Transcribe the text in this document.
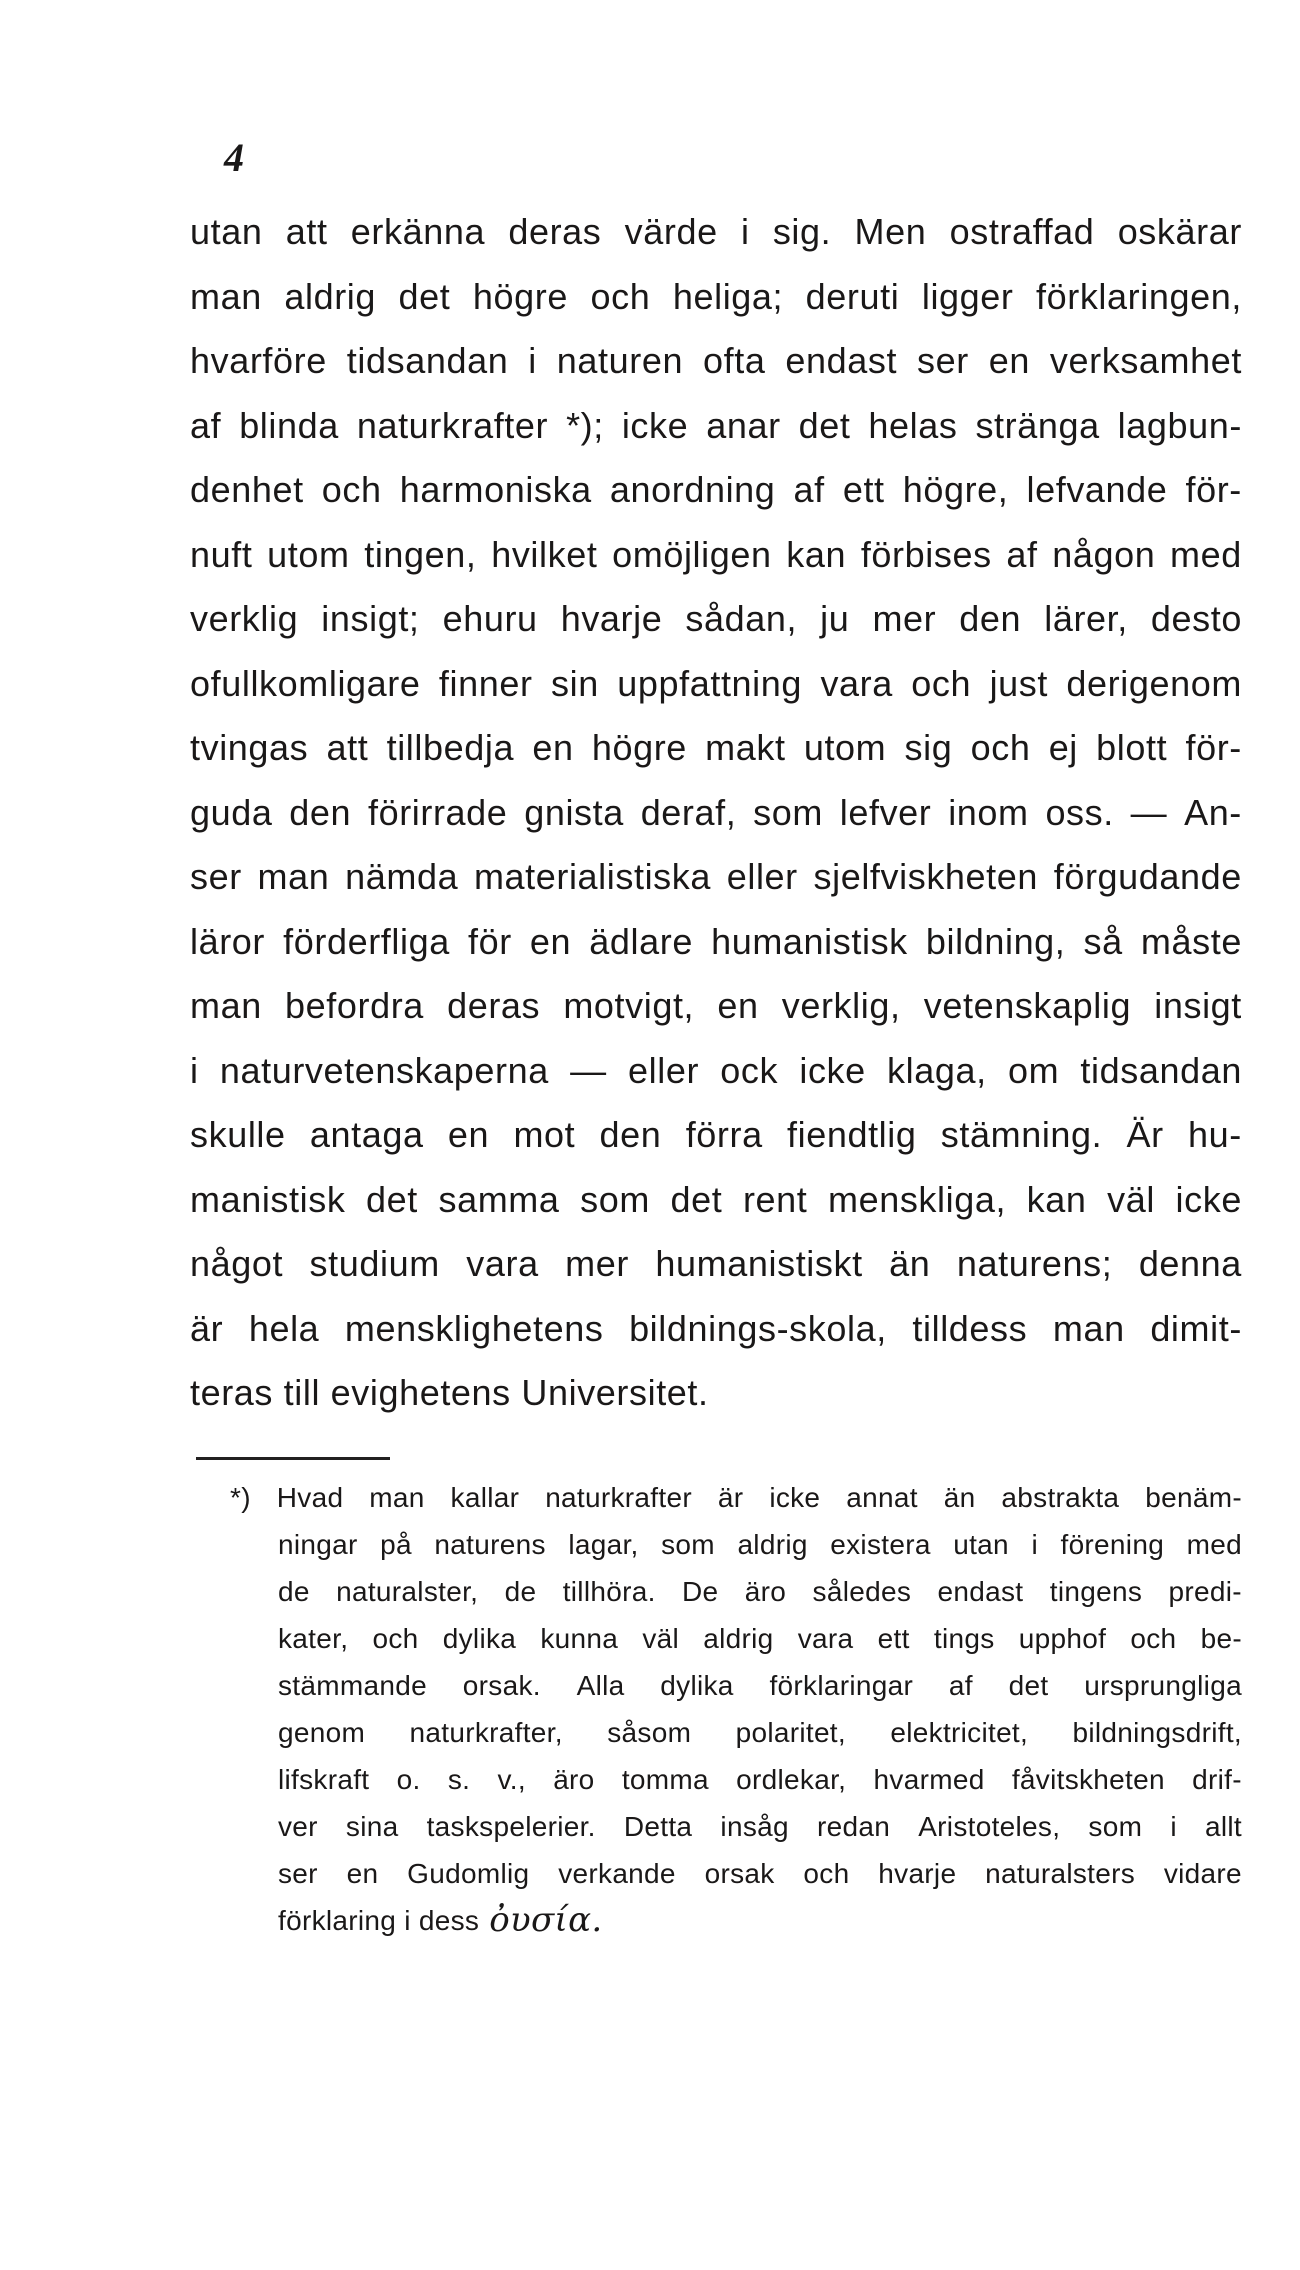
4
utan att erkänna deras värde i sig. Men ostraffad oskärar
man aldrig det högre och heliga; deruti ligger förklaringen,
hvarföre tidsandan i naturen ofta endast ser en verksamhet
af blinda naturkrafter *); icke anar det helas stränga lagbun-
denhet och harmoniska anordning af ett högre, lefvande för-
nuft utom tingen, hvilket omöjligen kan förbises af någon med
verklig insigt; ehuru hvarje sådan, ju mer den lärer, desto
ofullkomligare finner sin uppfattning vara och just derigenom
tvingas att tillbedja en högre makt utom sig och ej blott för-
guda den förirrade gnista deraf, som lefver inom oss. — An-
ser man nämda materialistiska eller sjelfviskheten förgudande
läror förderfliga för en ädlare humanistisk bildning, så måste
man befordra deras motvigt, en verklig, vetenskaplig insigt
i naturvetenskaperna — eller ock icke klaga, om tidsandan
skulle antaga en mot den förra fiendtlig stämning. Är hu-
manistisk det samma som det rent menskliga, kan väl icke
något studium vara mer humanistiskt än naturens; denna
är hela mensklighetens bildnings-skola, tilldess man dimit-
teras till evighetens Universitet.
*) Hvad man kallar naturkrafter är icke annat än abstrakta benäm-
ningar på naturens lagar, som aldrig existera utan i förening med
de naturalster, de tillhöra. De äro således endast tingens predi-
kater, och dylika kunna väl aldrig vara ett tings upphof och be-
stämmande orsak. Alla dylika förklaringar af det ursprungliga
genom naturkrafter, såsom polaritet, elektricitet, bildningsdrift,
lifskraft o. s. v., äro tomma ordlekar, hvarmed fåvitskheten drif-
ver sina taskspelerier. Detta insåg redan Aristoteles, som i allt
ser en Gudomlig verkande orsak och hvarje naturalsters vidare
förklaring i dess ὀυσία.
